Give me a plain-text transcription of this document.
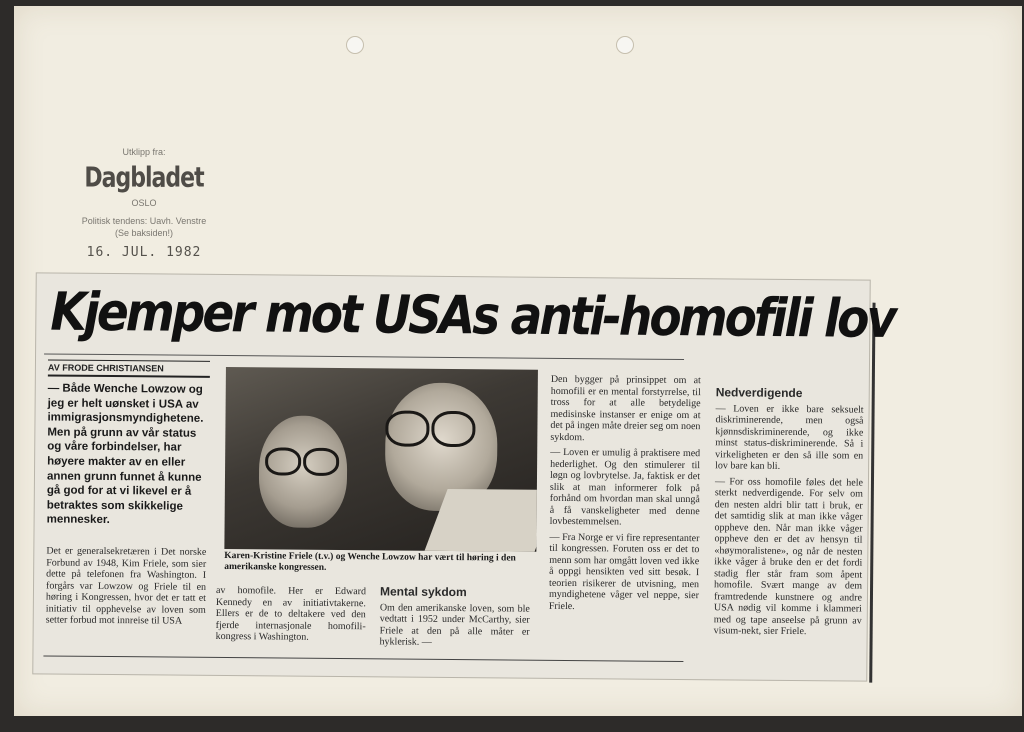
Utklipp fra:
Dagbladet
OSLO
Politisk tendens: Uavh. Venstre
(Se baksiden!)
16. JUL. 1982
Kjemper mot USAs anti-homofili lov
AV FRODE CHRISTIANSEN
— Både Wenche Lowzow og jeg er helt uønsket i USA av immigrasjonsmyndighetene. Men på grunn av vår status og våre forbindelser, har høyere makter av en eller annen grunn funnet å kunne gå god for at vi likevel er å betraktes som skikkelige mennesker.

Det er generalsekretæren i Det norske Forbund av 1948, Kim Friele, som sier dette på telefonen fra Washington. I forgårs var Lowzow og Friele til en høring i Kongressen, hvor det er tatt et initiativ til opphevelse av loven som setter forbud mot innreise til USA

Karen-Kristine Friele (t.v.) og Wenche Lowzow har vært til høring i den amerikanske kongressen.

av homofile. Her er Edward Kennedy en av initiativtakerne. Ellers er de to deltakere ved den fjerde internasjonale homofili-kongress i Washington.

Mental sykdom

Om den amerikanske loven, som ble vedtatt i 1952 under McCarthy, sier Friele at den på alle måter er hyklerisk. —

Den bygger på prinsippet om at homofili er en mental forstyrrelse, til tross for at alle betydelige medisinske instanser er enige om at det på ingen måte dreier seg om noen sykdom.

— Loven er umulig å praktisere med hederlighet. Og den stimulerer til løgn og lovbrytelse. Ja, faktisk er det slik at man informerer folk på forhånd om hvordan man skal unngå å få vanskeligheter med denne lovbestemmelsen.

— Fra Norge er vi fire representanter til kongressen. Foruten oss er det to menn som har omgått loven ved ikke å oppgi hensikten ved sitt besøk. I teorien risikerer de utvisning, men myndighetene våger vel neppe, sier Friele.

Nedverdigende

— Loven er ikke bare seksuelt diskriminerende, men også kjønnsdiskriminerende, og ikke minst status-diskriminerende. Så i virkeligheten er den så ille som en lov bare kan bli.

— For oss homofile føles det hele sterkt nedverdigende. For selv om den nesten aldri blir tatt i bruk, er det samtidig slik at man ikke våger oppheve den. Når man ikke våger oppheve den er det av hensyn til «høymoralistene», og når de nesten ikke våger å bruke den er det fordi stadig fler står fram som åpent homofile. Svært mange av dem framtredende kunstnere og andre USA nødig vil komme i klammeri med og tape anseelse på grunn av visum-nekt, sier Friele.
